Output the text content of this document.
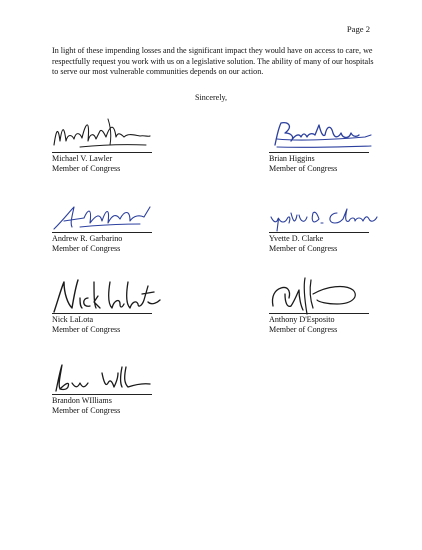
Page 2

In light of these impending losses and the significant impact they would have on access to care, we respectfully request you work with us on a legislative solution. The ability of many of our hospitals to serve our most vulnerable communities depends on our action.

Sincerely,
Michael V. Lawler
Member of Congress
Brian Higgins
Member of Congress
Andrew R. Garbarino
Member of Congress
Yvette D. Clarke
Member of Congress
Nick LaLota
Member of Congress
Anthony D'Esposito
Member of Congress
Brandon WIlliams
Member of Congress
